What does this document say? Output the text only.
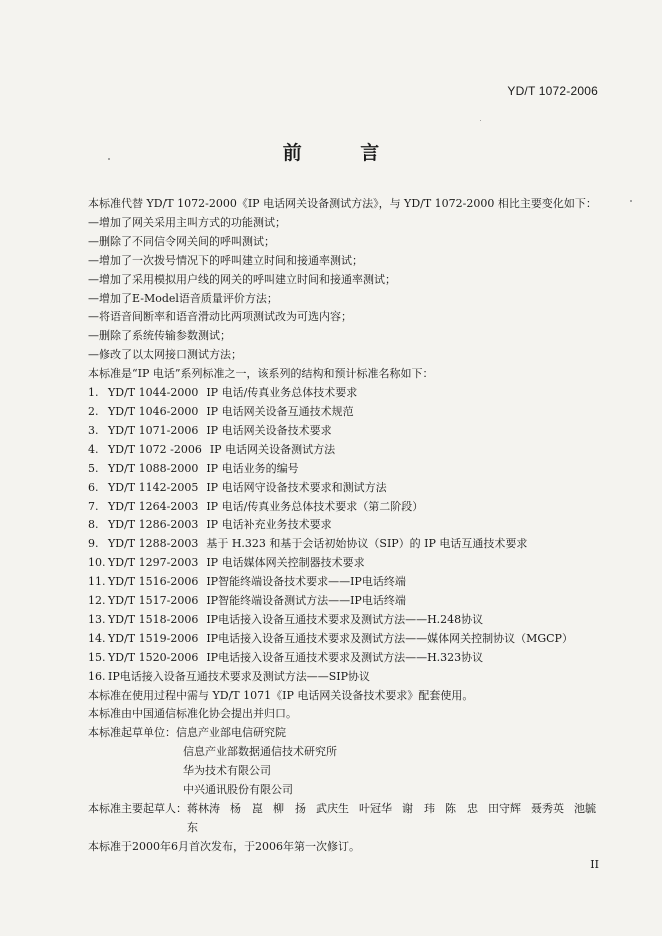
YD/T 1072-2006
前 言
本标准代替 YD/T 1072-2000《IP 电话网关设备测试方法》，与 YD/T 1072-2000 相比主要变化如下：
—增加了网关采用主叫方式的功能测试；
—删除了不同信令网关间的呼叫测试；
—增加了一次拨号情况下的呼叫建立时间和接通率测试；
—增加了采用模拟用户线的网关的呼叫建立时间和接通率测试；
—增加了E-Model语音质量评价方法；
—将语音间断率和语音滑动比两项测试改为可选内容；
—删除了系统传输参数测试；
—修改了以太网接口测试方法；
本标准是“IP 电话”系列标准之一，该系列的结构和预计标准名称如下：
1. YD/T 1044-2000 IP 电话/传真业务总体技术要求
2. YD/T 1046-2000 IP 电话网关设备互通技术规范
3. YD/T 1071-2006 IP 电话网关设备技术要求
4. YD/T 1072 -2006 IP 电话网关设备测试方法
5. YD/T 1088-2000 IP 电话业务的编号
6. YD/T 1142-2005 IP 电话网守设备技术要求和测试方法
7. YD/T 1264-2003 IP 电话/传真业务总体技术要求（第二阶段）
8. YD/T 1286-2003 IP 电话补充业务技术要求
9. YD/T 1288-2003 基于 H.323 和基于会话初始协议（SIP）的 IP 电话互通技术要求
10. YD/T 1297-2003 IP 电话媒体网关控制器技术要求
11. YD/T 1516-2006 IP智能终端设备技术要求——IP电话终端
12. YD/T 1517-2006 IP智能终端设备测试方法——IP电话终端
13. YD/T 1518-2006 IP电话接入设备互通技术要求及测试方法——H.248协议
14. YD/T 1519-2006 IP电话接入设备互通技术要求及测试方法——媒体网关控制协议（MGCP）
15. YD/T 1520-2006 IP电话接入设备互通技术要求及测试方法——H.323协议
16. IP电话接入设备互通技术要求及测试方法——SIP协议
本标准在使用过程中需与 YD/T 1071《IP 电话网关设备技术要求》配套使用。
本标准由中国通信标准化协会提出并归口。
本标准起草单位：信息产业部电信研究院
信息产业部数据通信技术研究所
华为技术有限公司
中兴通讯股份有限公司
本标准主要起草人： 蒋林涛 杨　崑 柳　扬 武庆生 叶冠华 谢　玮 陈　忠 田守辉 聂秀英 池毓东
本标准于2000年6月首次发布，于2006年第一次修订。
II
